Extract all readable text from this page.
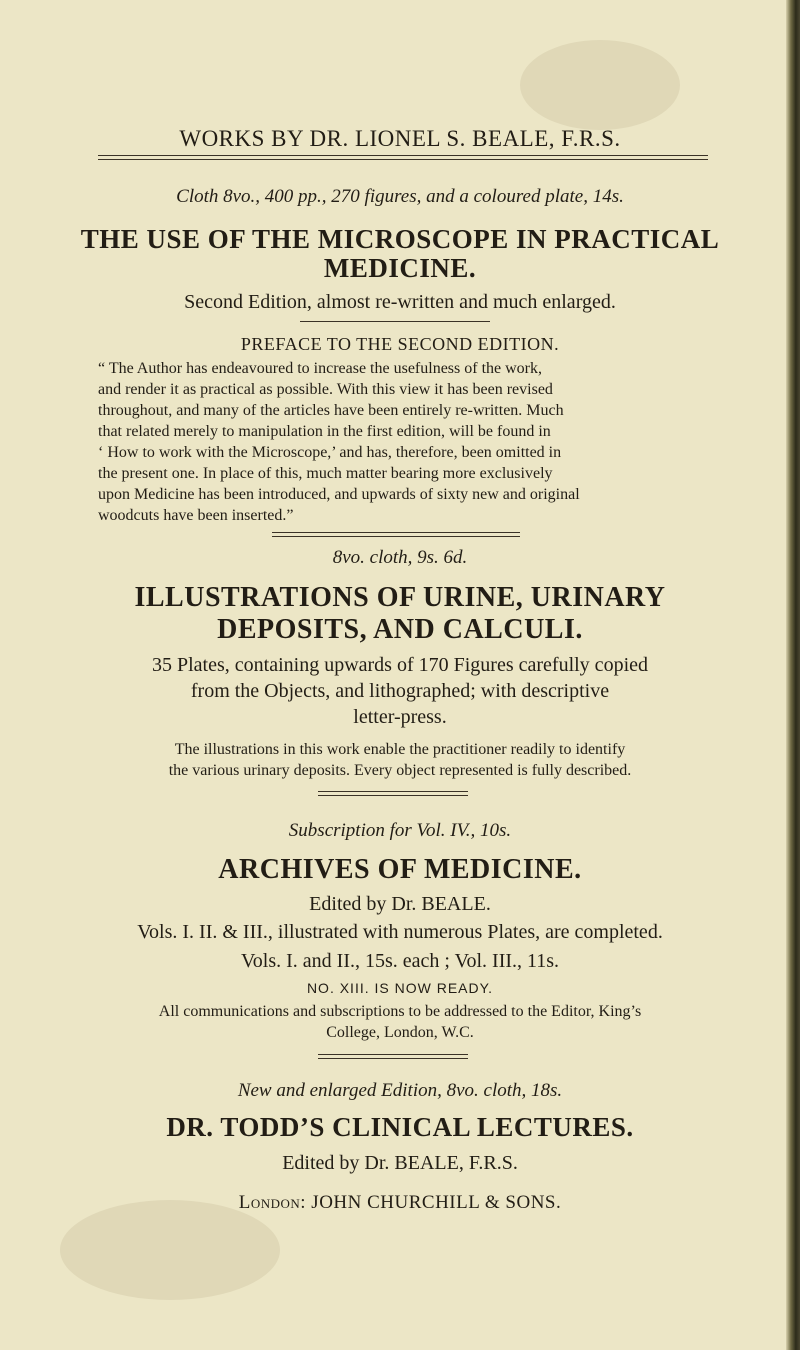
WORKS BY DR. LIONEL S. BEALE, F.R.S.

Cloth 8vo., 400 pp., 270 figures, and a coloured plate, 14s.

THE USE OF THE MICROSCOPE IN PRACTICAL

MEDICINE.

Second Edition, almost re-written and much enlarged.

PREFACE TO THE SECOND EDITION.

“ The Author has endeavoured to increase the usefulness of the work,
and render it as practical as possible. With this view it has been revised
throughout, and many of the articles have been entirely re-written. Much
that related merely to manipulation in the first edition, will be found in
‘ How to work with the Microscope,’ and has, therefore, been omitted in
the present one. In place of this, much matter bearing more exclusively
upon Medicine has been introduced, and upwards of sixty new and original
woodcuts have been inserted.”

8vo. cloth, 9s. 6d.

ILLUSTRATIONS OF URINE, URINARY

DEPOSITS, AND CALCULI.

35 Plates, containing upwards of 170 Figures carefully copied

from the Objects, and lithographed; with descriptive

letter-press.

The illustrations in this work enable the practitioner readily to identify

the various urinary deposits. Every object represented is fully described.

Subscription for Vol. IV., 10s.

ARCHIVES OF MEDICINE.

Edited by Dr. BEALE.

Vols. I. II. & III., illustrated with numerous Plates, are completed.

Vols. I. and II., 15s. each ; Vol. III., 11s.

NO. XIII. IS NOW READY.

All communications and subscriptions to be addressed to the Editor, King’s

College, London, W.C.

New and enlarged Edition, 8vo. cloth, 18s.

DR. TODD’S CLINICAL LECTURES.

Edited by Dr. BEALE, F.R.S.

London: JOHN CHURCHILL & SONS.
